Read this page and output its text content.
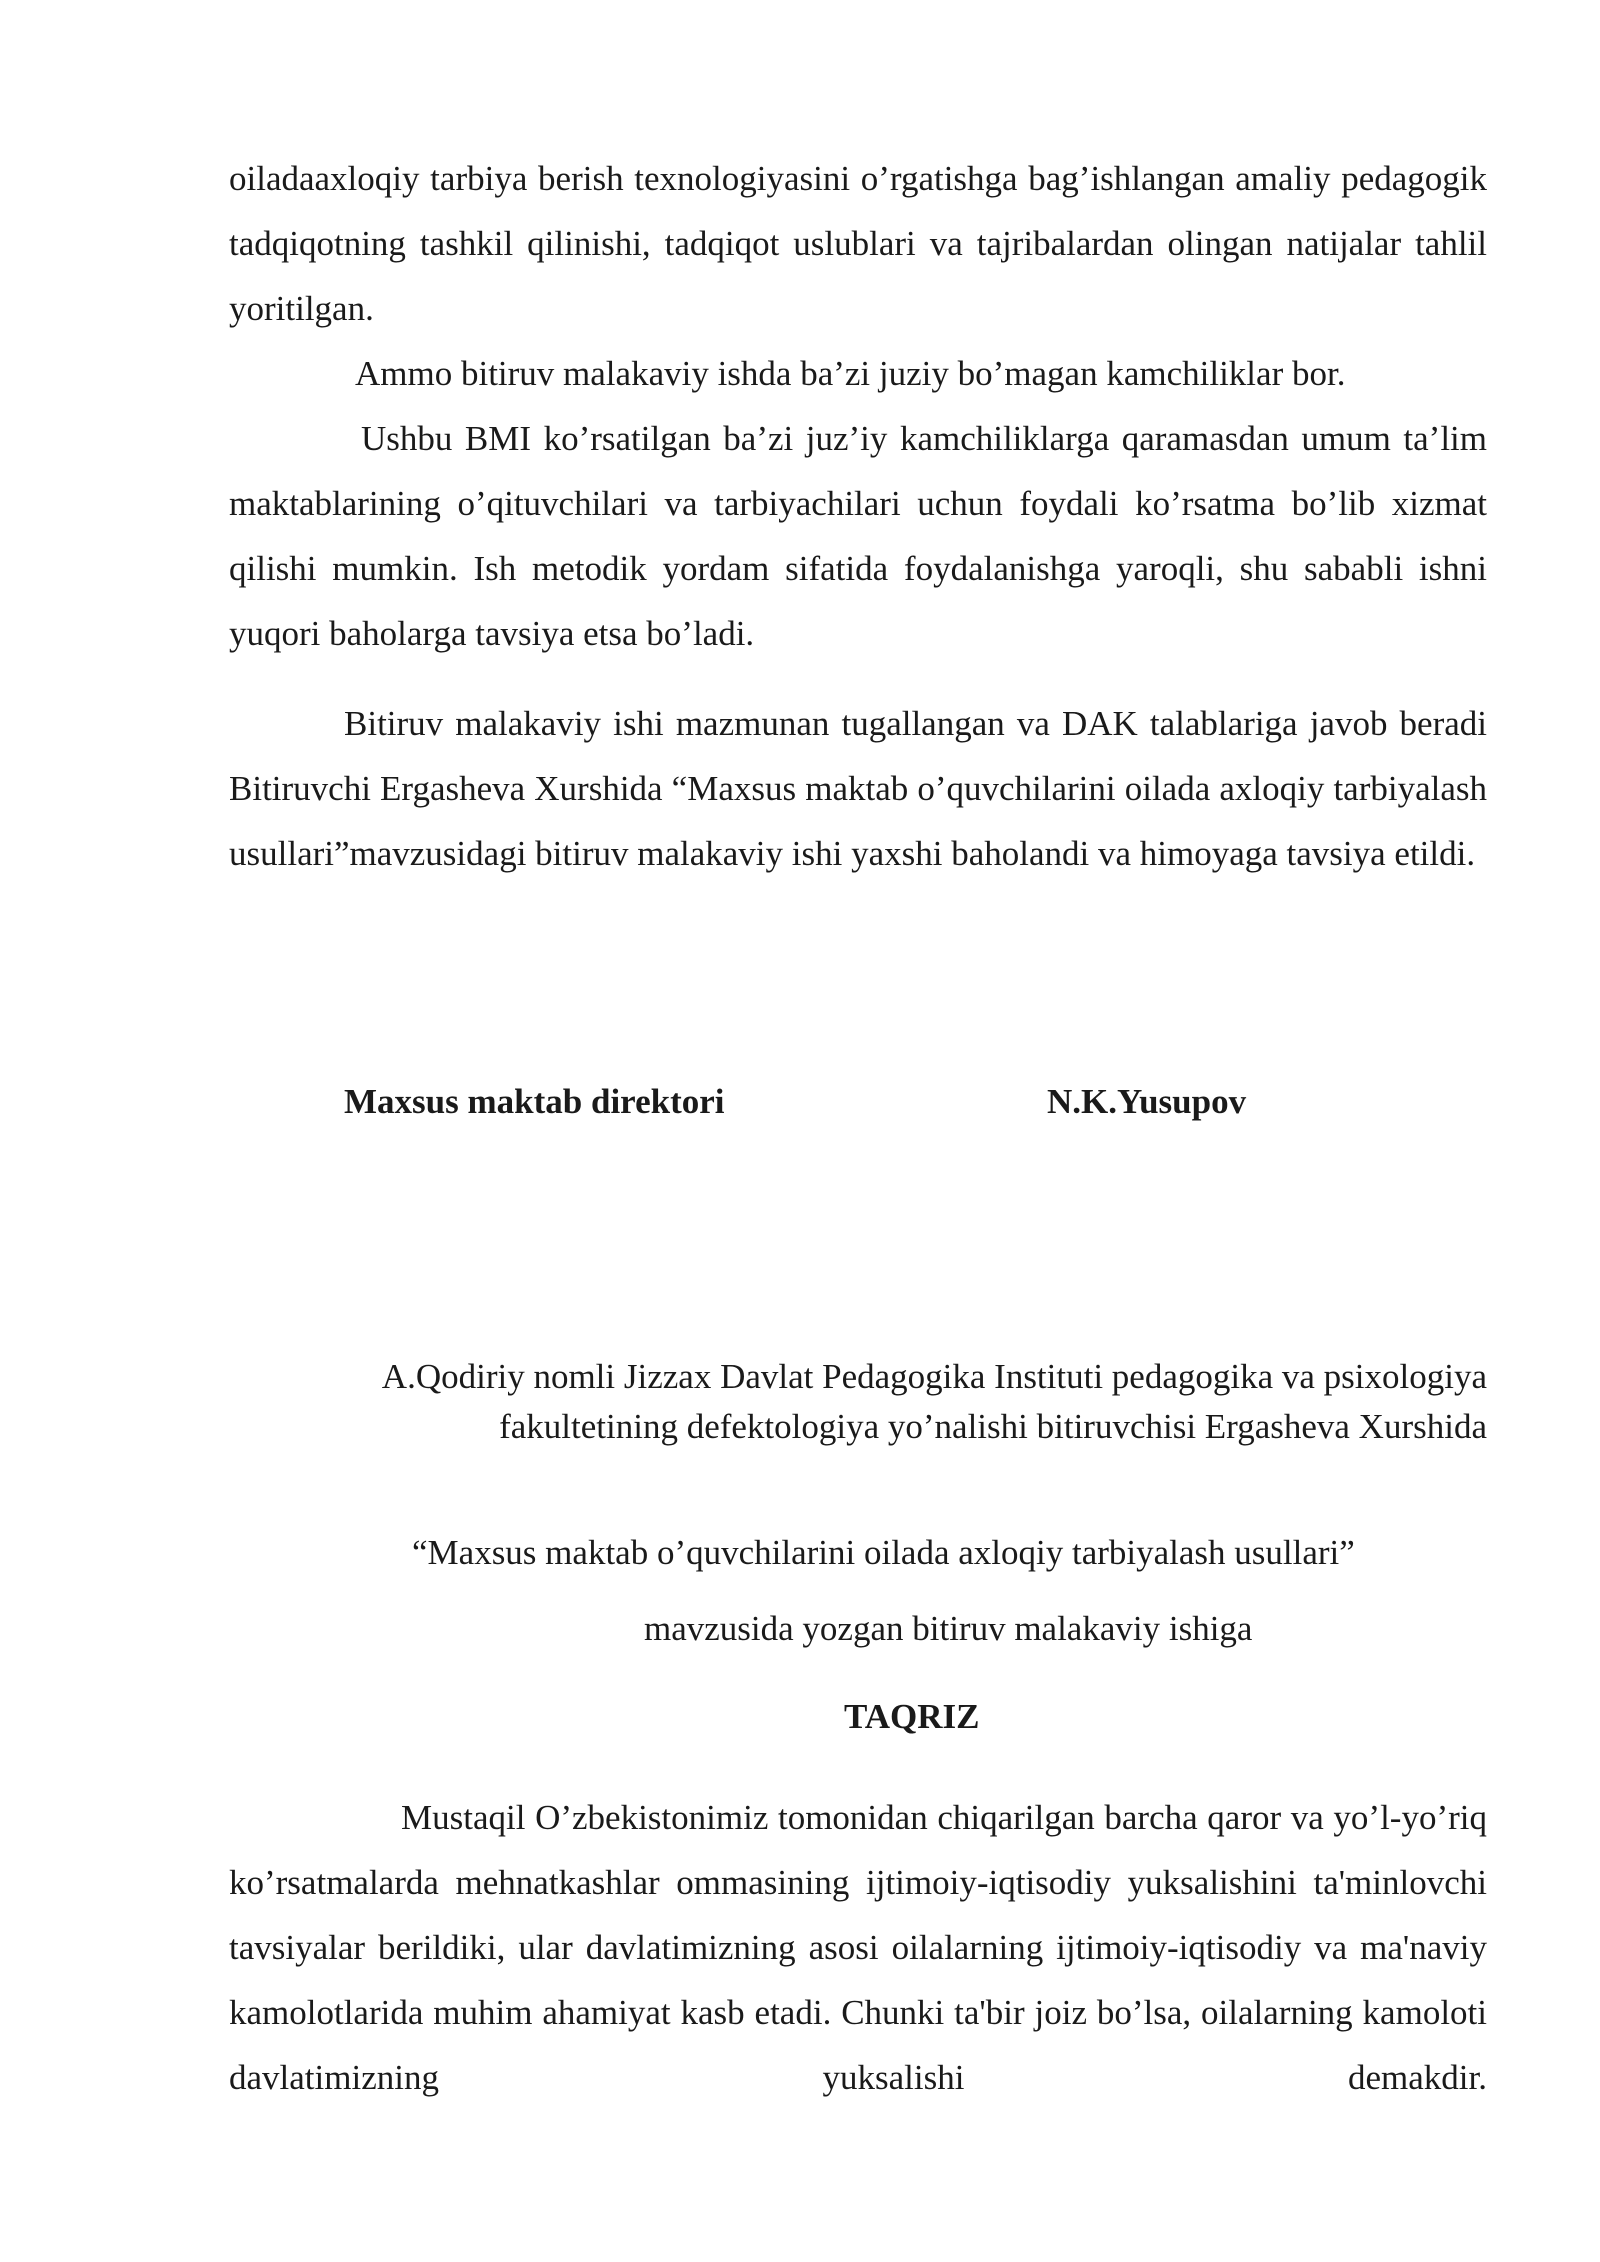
oiladaaxloqiy tarbiya berish texnologiyasini o’rgatishga bag’ishlangan amaliy pedagogik tadqiqotning tashkil qilinishi, tadqiqot uslublari va tajribalardan olingan natijalar tahlil yoritilgan.

Ammo bitiruv malakaviy ishda ba’zi juziy bo’magan kamchiliklar bor.

Ushbu BMI ko’rsatilgan ba’zi juz’iy kamchiliklarga qaramasdan umum ta’lim maktablarining o’qituvchilari va tarbiyachilari uchun foydali ko’rsatma bo’lib xizmat qilishi mumkin. Ish metodik yordam sifatida foydalanishga yaroqli, shu sababli ishni yuqori baholarga tavsiya etsa bo’ladi.

Bitiruv malakaviy ishi mazmunan tugallangan va DAK talablariga javob beradi Bitiruvchi Ergasheva Xurshida “Maxsus maktab o’quvchilarini oilada axloqiy tarbiyalash usullari”mavzusidagi bitiruv malakaviy ishi yaxshi baholandi va himoyaga tavsiya etildi.

Maxsus maktab direktori	N.K.Yusupov
A.Qodiriy nomli Jizzax Davlat Pedagogika Instituti pedagogika va psixologiya fakultetining defektologiya yo’nalishi bitiruvchisi Ergasheva Xurshida
“Maxsus maktab o’quvchilarini oilada axloqiy tarbiyalash usullari”
mavzusida yozgan bitiruv malakaviy ishiga
TAQRIZ

Mustaqil O’zbekistonimiz tomonidan chiqarilgan barcha qaror va yo’l-yo’riq ko’rsatmalarda mehnatkashlar ommasining ijtimoiy-iqtisodiy yuksalishini ta'minlovchi tavsiyalar berildiki, ular davlatimizning asosi oilalarning ijtimoiy-iqtisodiy va ma'naviy kamolotlarida muhim ahamiyat kasb etadi. Chunki ta'bir joiz bo’lsa, oilalarning kamoloti davlatimizning yuksalishi demakdir.
